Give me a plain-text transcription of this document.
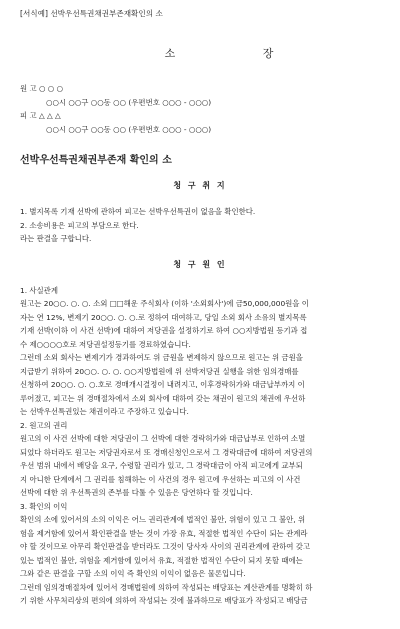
[서식예] 선박우선특권채권부존재확인의 소
소 장
원 고 ○ ○ ○
○○시 ○○구 ○○동 ○○ (우편번호 ○○○ - ○○○)
피 고 △ △ △
○○시 ○○구 ○○동 ○○ (우편번호 ○○○ - ○○○)
선박우선특권채권부존재 확인의 소
청 구 취 지
1. 별지목록 기재 선박에 관하여 피고는 선박우선특권이 없음을 확인한다.
2. 소송비용은 피고의 부담으로 한다.
라는 판결을 구합니다.
청 구 원 인
1. 사실관계
원고는 20○○. ○. ○. 소외 □□해운 주식회사 (이하 '소외회사')에 금50,000,000원을 이
자는 연 12%, 변제기 20○○. ○. ○.로 정하여 대여하고, 당일 소외 회사 소유의 별지목록
기재 선박(이하 이 사건 선박)에 대하여 저당권을 설정하기로 하여 ○○지방법원 등기과 접
수 제○○○○호로 저당권설정등기를 경료하였습니다.
그런데 소외 회사는 변제기가 경과하여도 위 금원을 변제하지 않으므로 원고는 위 금원을
지급받기 위하여 20○○. ○. ○. ○○지방법원에 위 선박저당권 실행을 위한 임의경매를
신청하여 20○○. ○. ○.호로 경매개시결정이 내려지고, 이후경락허가와 대금납부까지 이
루어졌고, 피고는 위 경매절차에서 소외 회사에 대하여 갖는 채권이 원고의 채권에 우선하
는 선박우선특권있는 채권이라고 주장하고 있습니다.
2. 원고의 권리
원고의 이 사건 선박에 대한 저당권이 그 선박에 대한 경락허가와 대금납부로 인하여 소멸
되었다 하더라도 원고는 저당권자로서 또 경매신청인으로서 그 경락대금에 대하여 저당권의
우선 범위 내에서 배당을 요구, 수령할 권리가 있고, 그 경락대금이 아직 피고에게 교부되
지 아니한 단계에서 그 권리를 침해하는 이 사건의 경우 원고에 우선하는 피고의 이 사건
선박에 대한 위 우선특권의 존부를 다툴 수 있음은 당연하다 할 것입니다.
3. 확인의 이익
확인의 소에 있어서의 소의 이익은 어느 권리관계에 법적인 불안, 위험이 있고 그 불안, 위
험을 제거함에 있어서 확인판결을 받는 것이 가장 유효, 적절한 법적인 수단이 되는 관계라
야 할 것이므로 아무리 확인판결을 받더라도 그것이 당사자 사이의 권리관계에 관하여 갖고
있는 법적인 불안, 위험을 제거함에 있어서 유효, 적절한 법적인 수단이 되지 못할 때에는
그와 같은 판결을 구할 소의 이익 즉 확인의 이익이 없음은 물론입니다.
그런데 임의경매절차에 있어서 경매법원에 의하여 작성되는 배당표는 계산관계를 명확히 하
기 위한 사무처리상의 편의에 의하여 작성되는 것에 불과하므로 배당표가 작성되고 배당금
